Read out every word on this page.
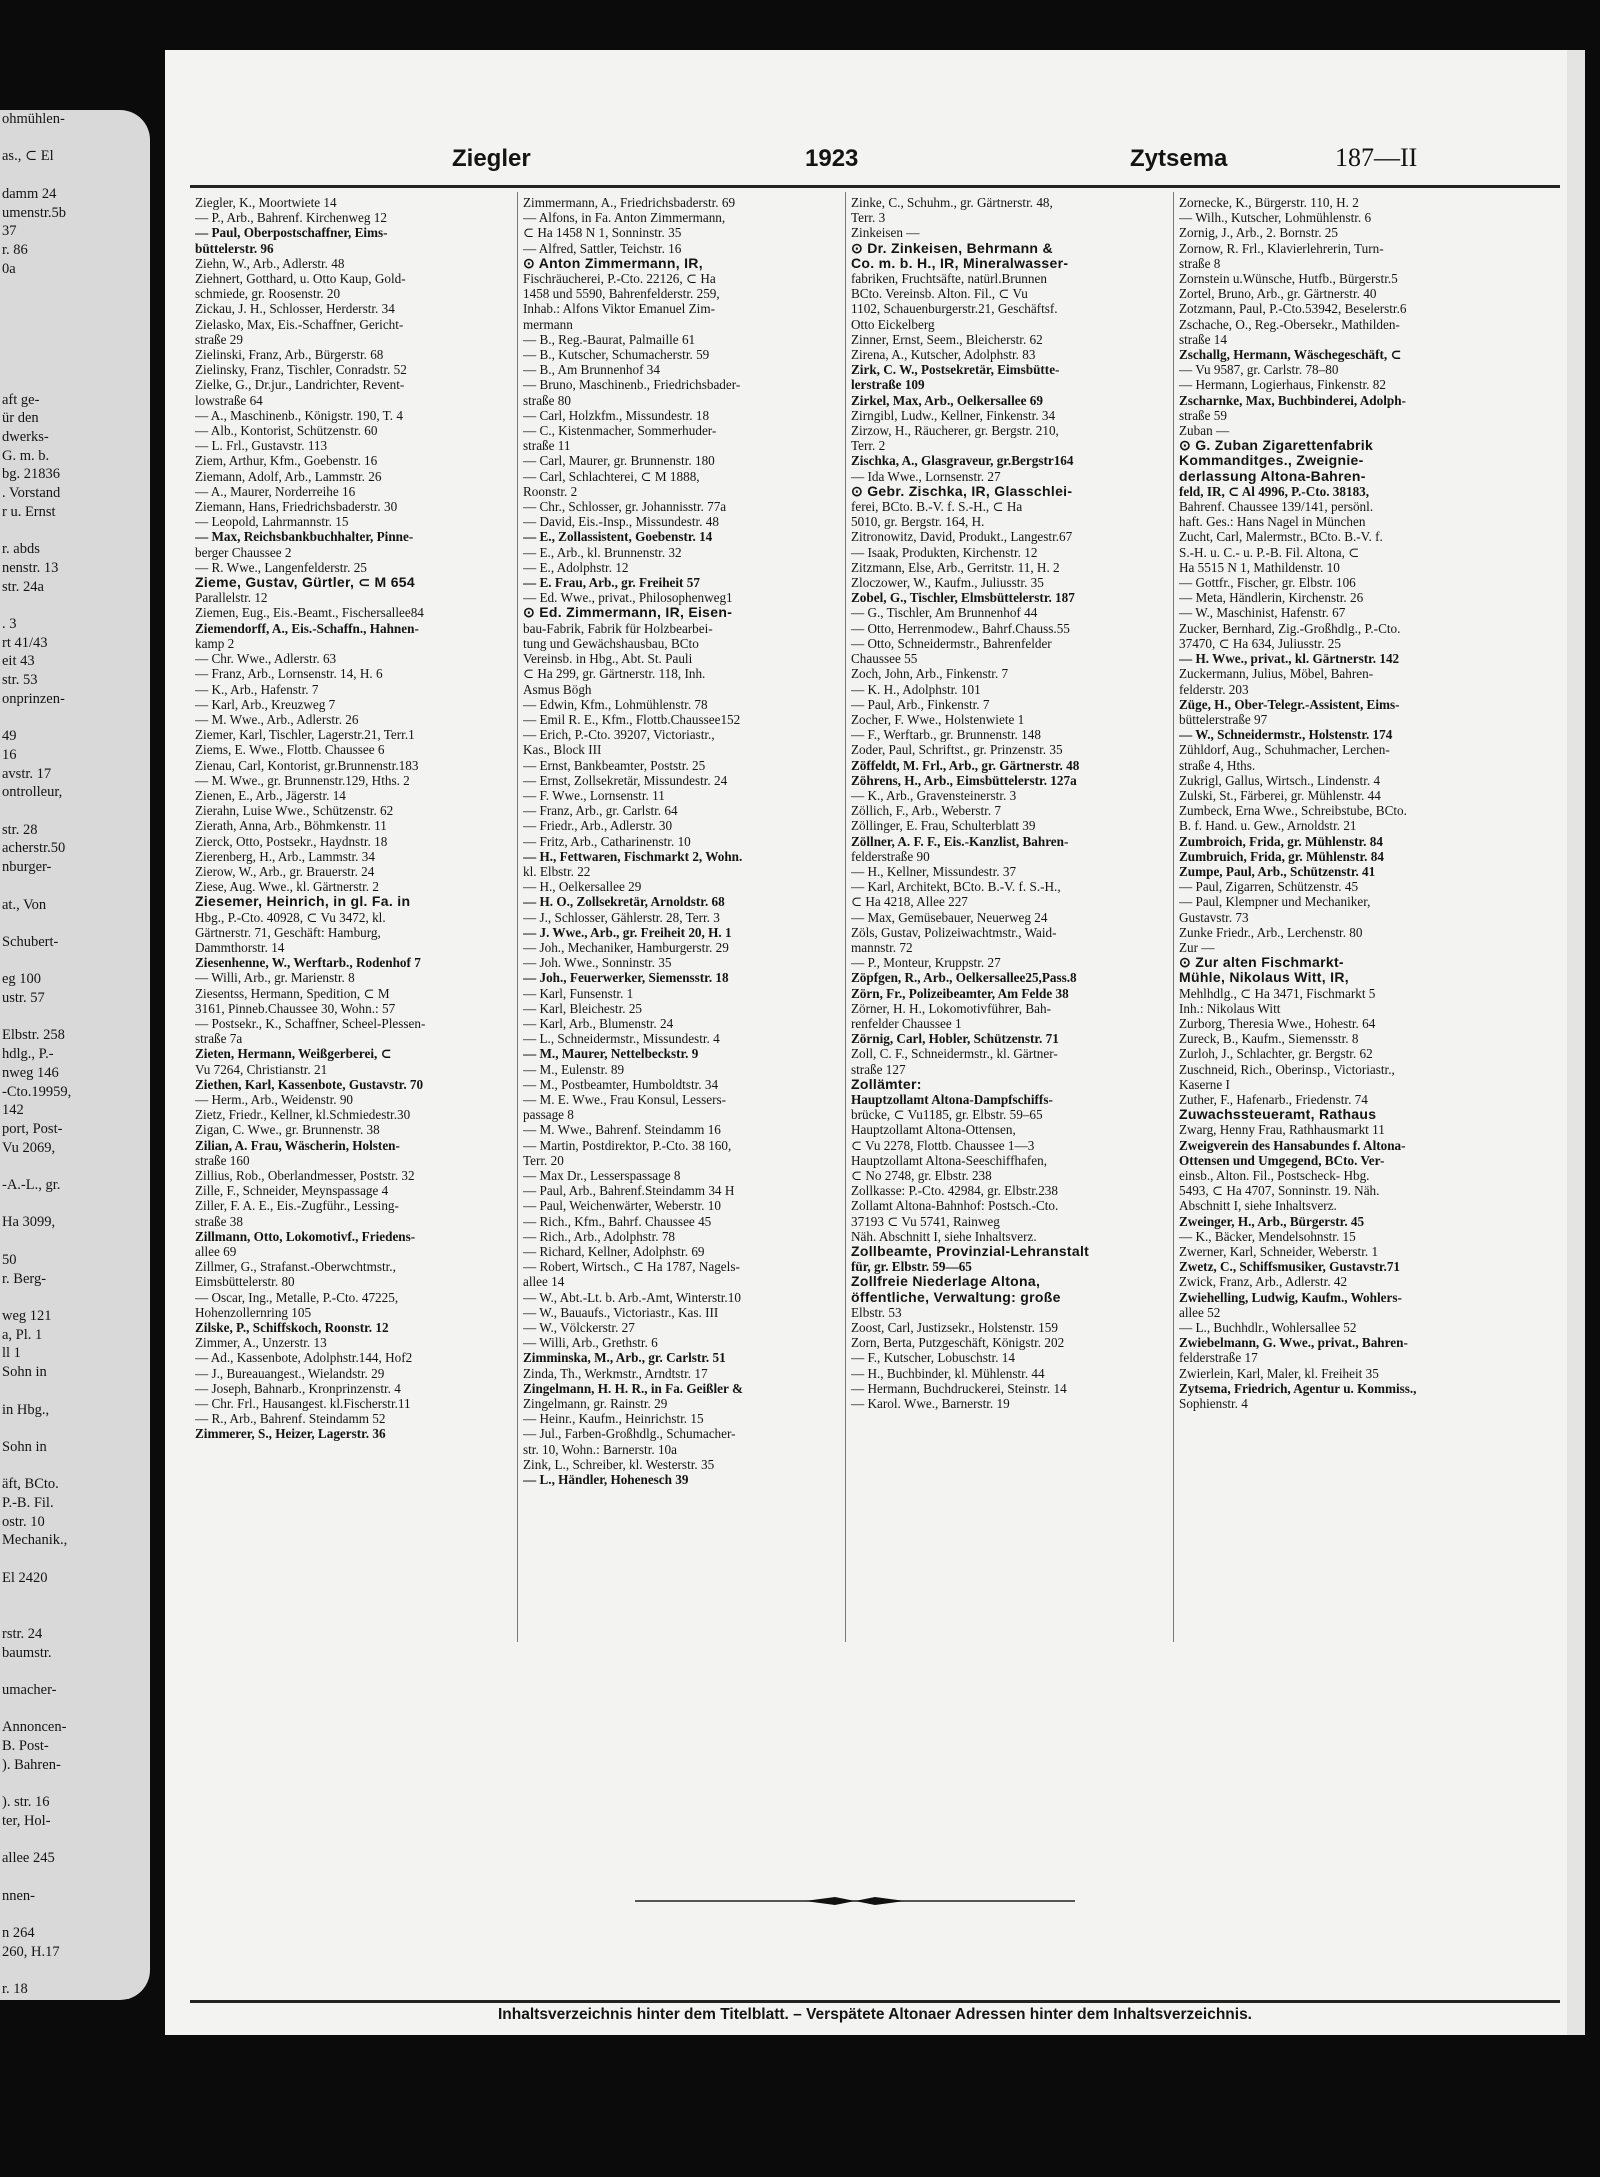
ohmühlen-

as., ⊂ El

damm 24
umenstr.5b
37
r. 86
0a

aft ge-
ür den
dwerks-
G. m. b.
bg. 21836
. Vorstand
r u. Ernst

r. abds
nenstr. 13
str. 24a

. 3
rt 41/43
eit 43
str. 53
onprinzen-

49
16
avstr. 17
ontrolleur,

str. 28
acherstr.50
nburger-

at., Von

Schubert-

eg 100
ustr. 57

Elbstr. 258
hdlg., P.-
nweg 146
-Cto.19959,
142
port, Post-
Vu 2069,

-A.-L., gr.

Ha 3099,

50
r. Berg-

weg 121
a, Pl. 1
ll 1
Sohn in

in Hbg.,

Sohn in

äft, BCto.
P.-B. Fil.
ostr. 10
Mechanik.,

El 2420

rstr. 24
baumstr.

umacher-

Annoncen-
B. Post-
). Bahren-

). str. 16
ter, Hol-

allee 245

nnen-

n 264
260, H.17

r. 18
Ziegler	1923	Zytsema	187—II
Ziegler, K., Moortwiete 14
— P., Arb., Bahrenf. Kirchenweg 12
— Paul, Oberpostschaffner, Eims-
büttelerstr. 96
Ziehn, W., Arb., Adlerstr. 48
Ziehnert, Gotthard, u. Otto Kaup, Gold-
schmiede, gr. Roosenstr. 20
Zickau, J. H., Schlosser, Herderstr. 34
Zielasko, Max, Eis.-Schaffner, Gericht-
straße 29
Zielinski, Franz, Arb., Bürgerstr. 68
Zielinsky, Franz, Tischler, Conradstr. 52
Zielke, G., Dr.jur., Landrichter, Revent-
lowstraße 64
— A., Maschinenb., Königstr. 190, T. 4
— Alb., Kontorist, Schützenstr. 60
— L. Frl., Gustavstr. 113
Ziem, Arthur, Kfm., Goebenstr. 16
Ziemann, Adolf, Arb., Lammstr. 26
— A., Maurer, Norderreihe 16
Ziemann, Hans, Friedrichsbaderstr. 30
— Leopold, Lahrmannstr. 15
— Max, Reichsbankbuchhalter, Pinne-
berger Chaussee 2
— R. Wwe., Langenfelderstr. 25
Zieme, Gustav, Gürtler, ⊂ M 654
Parallelstr. 12
Ziemen, Eug., Eis.-Beamt., Fischersallee84
Ziemendorff, A., Eis.-Schaffn., Hahnen-
kamp 2
— Chr. Wwe., Adlerstr. 63
— Franz, Arb., Lornsenstr. 14, H. 6
— K., Arb., Hafenstr. 7
— Karl, Arb., Kreuzweg 7
— M. Wwe., Arb., Adlerstr. 26
Ziemer, Karl, Tischler, Lagerstr.21, Terr.1
Ziems, E. Wwe., Flottb. Chaussee 6
Zienau, Carl, Kontorist, gr.Brunnenstr.183
— M. Wwe., gr. Brunnenstr.129, Hths. 2
Zienen, E., Arb., Jägerstr. 14
Zierahn, Luise Wwe., Schützenstr. 62
Zierath, Anna, Arb., Böhmkenstr. 11
Zierck, Otto, Postsekr., Haydnstr. 18
Zierenberg, H., Arb., Lammstr. 34
Zierow, W., Arb., gr. Brauerstr. 24
Ziese, Aug. Wwe., kl. Gärtnerstr. 2
Ziesemer, Heinrich, in gl. Fa. in
Hbg., P.-Cto. 40928, ⊂ Vu 3472, kl.
Gärtnerstr. 71, Geschäft: Hamburg,
Dammthorstr. 14
Ziesenhenne, W., Werftarb., Rodenhof 7
— Willi, Arb., gr. Marienstr. 8
Ziesentss, Hermann, Spedition, ⊂ M
3161, Pinneb.Chaussee 30, Wohn.: 57
— Postsekr., K., Schaffner, Scheel-Plessen-
straße 7a
Zieten, Hermann, Weißgerberei, ⊂
Vu 7264, Christianstr. 21
Ziethen, Karl, Kassenbote, Gustavstr. 70
— Herm., Arb., Weidenstr. 90
Zietz, Friedr., Kellner, kl.Schmiedestr.30
Zigan, C. Wwe., gr. Brunnenstr. 38
Zilian, A. Frau, Wäscherin, Holsten-
straße 160
Zillius, Rob., Oberlandmesser, Poststr. 32
Zille, F., Schneider, Meynspassage 4
Ziller, F. A. E., Eis.-Zugführ., Lessing-
straße 38
Zillmann, Otto, Lokomotivf., Friedens-
allee 69
Zillmer, G., Strafanst.-Oberwchtmstr.,
Eimsbüttelerstr. 80
— Oscar, Ing., Metalle, P.-Cto. 47225,
Hohenzollernring 105
Zilske, P., Schiffskoch, Roonstr. 12
Zimmer, A., Unzerstr. 13
— Ad., Kassenbote, Adolphstr.144, Hof2
— J., Bureauangest., Wielandstr. 29
— Joseph, Bahnarb., Kronprinzenstr. 4
— Chr. Frl., Hausangest. kl.Fischerstr.11
— R., Arb., Bahrenf. Steindamm 52
Zimmerer, S., Heizer, Lagerstr. 36
Zimmermann, A., Friedrichsbaderstr. 69
— Alfons, in Fa. Anton Zimmermann,
⊂ Ha 1458 N 1, Sonninstr. 35
— Alfred, Sattler, Teichstr. 16
⊙ Anton Zimmermann, IR,
Fischräucherei, P.-Cto. 22126, ⊂ Ha
1458 und 5590, Bahrenfelderstr. 259,
Inhab.: Alfons Viktor Emanuel Zim-
mermann
— B., Reg.-Baurat, Palmaille 61
— B., Kutscher, Schumacherstr. 59
— B., Am Brunnenhof 34
— Bruno, Maschinenb., Friedrichsbader-
straße 80
— Carl, Holzkfm., Missundestr. 18
— C., Kistenmacher, Sommerhuder-
straße 11
— Carl, Maurer, gr. Brunnenstr. 180
— Carl, Schlachterei, ⊂ M 1888,
Roonstr. 2
— Chr., Schlosser, gr. Johannisstr. 77a
— David, Eis.-Insp., Missundestr. 48
— E., Zollassistent, Goebenstr. 14
— E., Arb., kl. Brunnenstr. 32
— E., Adolphstr. 12
— E. Frau, Arb., gr. Freiheit 57
— Ed. Wwe., privat., Philosophenweg1
⊙ Ed. Zimmermann, IR, Eisen-
bau-Fabrik, Fabrik für Holzbearbei-
tung und Gewächshausbau, BCto
Vereinsb. in Hbg., Abt. St. Pauli
⊂ Ha 299, gr. Gärtnerstr. 118, Inh.
Asmus Bögh
— Edwin, Kfm., Lohmühlenstr. 78
— Emil R. E., Kfm., Flottb.Chaussee152
— Erich, P.-Cto. 39207, Victoriastr.,
Kas., Block III
— Ernst, Bankbeamter, Poststr. 25
— Ernst, Zollsekretär, Missundestr. 24
— F. Wwe., Lornsenstr. 11
— Franz, Arb., gr. Carlstr. 64
— Friedr., Arb., Adlerstr. 30
— Fritz, Arb., Catharinenstr. 10
— H., Fettwaren, Fischmarkt 2, Wohn.
kl. Elbstr. 22
— H., Oelkersallee 29
— H. O., Zollsekretär, Arnoldstr. 68
— J., Schlosser, Gählerstr. 28, Terr. 3
— J. Wwe., Arb., gr. Freiheit 20, H. 1
— Joh., Mechaniker, Hamburgerstr. 29
— Joh. Wwe., Sonninstr. 35
— Joh., Feuerwerker, Siemensstr. 18
— Karl, Funsenstr. 1
— Karl, Bleichestr. 25
— Karl, Arb., Blumenstr. 24
— L., Schneidermstr., Missundestr. 4
— M., Maurer, Nettelbeckstr. 9
— M., Eulenstr. 89
— M., Postbeamter, Humboldtstr. 34
— M. E. Wwe., Frau Konsul, Lessers-
passage 8
— M. Wwe., Bahrenf. Steindamm 16
— Martin, Postdirektor, P.-Cto. 38 160,
Terr. 20
— Max Dr., Lesserspassage 8
— Paul, Arb., Bahrenf.Steindamm 34 H
— Paul, Weichenwärter, Weberstr. 10
— Rich., Kfm., Bahrf. Chaussee 45
— Rich., Arb., Adolphstr. 78
— Richard, Kellner, Adolphstr. 69
— Robert, Wirtsch., ⊂ Ha 1787, Nagels-
allee 14
— W., Abt.-Lt. b. Arb.-Amt, Winterstr.10
— W., Bauaufs., Victoriastr., Kas. III
— W., Völckerstr. 27
— Willi, Arb., Grethstr. 6
Zimminska, M., Arb., gr. Carlstr. 51
Zinda, Th., Werkmstr., Arndtstr. 17
Zingelmann, H. H. R., in Fa. Geißler &
Zingelmann, gr. Rainstr. 29
— Heinr., Kaufm., Heinrichstr. 15
— Jul., Farben-Großhdlg., Schumacher-
str. 10, Wohn.: Barnerstr. 10a
Zink, L., Schreiber, kl. Westerstr. 35
— L., Händler, Hohenesch 39
Zinke, C., Schuhm., gr. Gärtnerstr. 48,
Terr. 3
Zinkeisen —
⊙ Dr. Zinkeisen, Behrmann &
Co. m. b. H., IR, Mineralwasser-
fabriken, Fruchtsäfte, natürl.Brunnen
BCto. Vereinsb. Alton. Fil., ⊂ Vu
1102, Schauenburgerstr.21, Geschäftsf.
Otto Eickelberg
Zinner, Ernst, Seem., Bleicherstr. 62
Zirena, A., Kutscher, Adolphstr. 83
Zirk, C. W., Postsekretär, Eimsbütte-
lerstraße 109
Zirkel, Max, Arb., Oelkersallee 69
Zirngibl, Ludw., Kellner, Finkenstr. 34
Zirzow, H., Räucherer, gr. Bergstr. 210,
Terr. 2
Zischka, A., Glasgraveur, gr.Bergstr164
— Ida Wwe., Lornsenstr. 27
⊙ Gebr. Zischka, IR, Glasschlei-
ferei, BCto. B.-V. f. S.-H., ⊂ Ha
5010, gr. Bergstr. 164, H.
Zitronowitz, David, Produkt., Langestr.67
— Isaak, Produkten, Kirchenstr. 12
Zitzmann, Else, Arb., Gerritstr. 11, H. 2
Zloczower, W., Kaufm., Juliusstr. 35
Zobel, G., Tischler, Elmsbüttelerstr. 187
— G., Tischler, Am Brunnenhof 44
— Otto, Herrenmodew., Bahrf.Chauss.55
— Otto, Schneidermstr., Bahrenfelder
Chaussee 55
Zoch, John, Arb., Finkenstr. 7
— K. H., Adolphstr. 101
— Paul, Arb., Finkenstr. 7
Zocher, F. Wwe., Holstenwiete 1
— F., Werftarb., gr. Brunnenstr. 148
Zoder, Paul, Schriftst., gr. Prinzenstr. 35
Zöffeldt, M. Frl., Arb., gr. Gärtnerstr. 48
Zöhrens, H., Arb., Eimsbüttelerstr. 127a
— K., Arb., Gravensteinerstr. 3
Zöllich, F., Arb., Weberstr. 7
Zöllinger, E. Frau, Schulterblatt 39
Zöllner, A. F. F., Eis.-Kanzlist, Bahren-
felderstraße 90
— H., Kellner, Missundestr. 37
— Karl, Architekt, BCto. B.-V. f. S.-H.,
⊂ Ha 4218, Allee 227
— Max, Gemüsebauer, Neuerweg 24
Zöls, Gustav, Polizeiwachtmstr., Waid-
mannstr. 72
— P., Monteur, Kruppstr. 27
Zöpfgen, R., Arb., Oelkersallee25,Pass.8
Zörn, Fr., Polizeibeamter, Am Felde 38
Zörner, H. H., Lokomotivführer, Bah-
renfelder Chaussee 1
Zörnig, Carl, Hobler, Schützenstr. 71
Zoll, C. F., Schneidermstr., kl. Gärtner-
straße 127
Zollämter:
Hauptzollamt Altona-Dampfschiffs-
brücke, ⊂ Vu1185, gr. Elbstr. 59–65
Hauptzollamt Altona-Ottensen,
⊂ Vu 2278, Flottb. Chaussee 1—3
Hauptzollamt Altona-Seeschiffhafen,
⊂ No 2748, gr. Elbstr. 238
Zollkasse: P.-Cto. 42984, gr. Elbstr.238
Zollamt Altona-Bahnhof: Postsch.-Cto.
37193 ⊂ Vu 5741, Rainweg
Näh. Abschnitt I, siehe Inhaltsverz.
Zollbeamte, Provinzial-Lehranstalt
für, gr. Elbstr. 59—65
Zollfreie Niederlage Altona,
öffentliche, Verwaltung: große
Elbstr. 53
Zoost, Carl, Justizsekr., Holstenstr. 159
Zorn, Berta, Putzgeschäft, Königstr. 202
— F., Kutscher, Lobuschstr. 14
— H., Buchbinder, kl. Mühlenstr. 44
— Hermann, Buchdruckerei, Steinstr. 14
— Karol. Wwe., Barnerstr. 19
Zornecke, K., Bürgerstr. 110, H. 2
— Wilh., Kutscher, Lohmühlenstr. 6
Zornig, J., Arb., 2. Bornstr. 25
Zornow, R. Frl., Klavierlehrerin, Turn-
straße 8
Zornstein u.Wünsche, Hutfb., Bürgerstr.5
Zortel, Bruno, Arb., gr. Gärtnerstr. 40
Zotzmann, Paul, P.-Cto.53942, Beselerstr.6
Zschache, O., Reg.-Obersekr., Mathilden-
straße 14
Zschallg, Hermann, Wäschegeschäft, ⊂
— Vu 9587, gr. Carlstr. 78–80
— Hermann, Logierhaus, Finkenstr. 82
Zscharnke, Max, Buchbinderei, Adolph-
straße 59
Zuban —
⊙ G. Zuban Zigarettenfabrik
Kommanditges., Zweignie-
derlassung Altona-Bahren-
feld, IR, ⊂ Al 4996, P.-Cto. 38183,
Bahrenf. Chaussee 139/141, persönl.
haft. Ges.: Hans Nagel in München
Zucht, Carl, Malermstr., BCto. B.-V. f.
S.-H. u. C.- u. P.-B. Fil. Altona, ⊂
Ha 5515 N 1, Mathildenstr. 10
— Gottfr., Fischer, gr. Elbstr. 106
— Meta, Händlerin, Kirchenstr. 26
— W., Maschinist, Hafenstr. 67
Zucker, Bernhard, Zig.-Großhdlg., P.-Cto.
37470, ⊂ Ha 634, Juliusstr. 25
— H. Wwe., privat., kl. Gärtnerstr. 142
Zuckermann, Julius, Möbel, Bahren-
felderstr. 203
Züge, H., Ober-Telegr.-Assistent, Eims-
büttelerstraße 97
— W., Schneidermstr., Holstenstr. 174
Zühldorf, Aug., Schuhmacher, Lerchen-
straße 4, Hths.
Zukrigl, Gallus, Wirtsch., Lindenstr. 4
Zulski, St., Färberei, gr. Mühlenstr. 44
Zumbeck, Erna Wwe., Schreibstube, BCto.
B. f. Hand. u. Gew., Arnoldstr. 21
Zumbroich, Frida, gr. Mühlenstr. 84
Zumbruich, Frida, gr. Mühlenstr. 84
Zumpe, Paul, Arb., Schützenstr. 41
— Paul, Zigarren, Schützenstr. 45
— Paul, Klempner und Mechaniker,
Gustavstr. 73
Zunke Friedr., Arb., Lerchenstr. 80
Zur —
⊙ Zur alten Fischmarkt-
Mühle, Nikolaus Witt, IR,
Mehlhdlg., ⊂ Ha 3471, Fischmarkt 5
Inh.: Nikolaus Witt
Zurborg, Theresia Wwe., Hohestr. 64
Zureck, B., Kaufm., Siemensstr. 8
Zurloh, J., Schlachter, gr. Bergstr. 62
Zuschneid, Rich., Oberinsp., Victoriastr.,
Kaserne I
Zuther, F., Hafenarb., Friedenstr. 74
Zuwachssteueramt, Rathaus
Zwarg, Henny Frau, Rathhausmarkt 11
Zweigverein des Hansabundes f. Altona-
Ottensen und Umgegend, BCto. Ver-
einsb., Alton. Fil., Postscheck- Hbg.
5493, ⊂ Ha 4707, Sonninstr. 19. Näh.
Abschnitt I, siehe Inhaltsverz.
Zweinger, H., Arb., Bürgerstr. 45
— K., Bäcker, Mendelsohnstr. 15
Zwerner, Karl, Schneider, Weberstr. 1
Zwetz, C., Schiffsmusiker, Gustavstr.71
Zwick, Franz, Arb., Adlerstr. 42
Zwiehelling, Ludwig, Kaufm., Wohlers-
allee 52
— L., Buchhdlr., Wohlersallee 52
Zwiebelmann, G. Wwe., privat., Bahren-
felderstraße 17
Zwierlein, Karl, Maler, kl. Freiheit 35
Zytsema, Friedrich, Agentur u. Kommiss.,
Sophienstr. 4
Inhaltsverzeichnis hinter dem Titelblatt. – Verspätete Altonaer Adressen hinter dem Inhaltsverzeichnis.
